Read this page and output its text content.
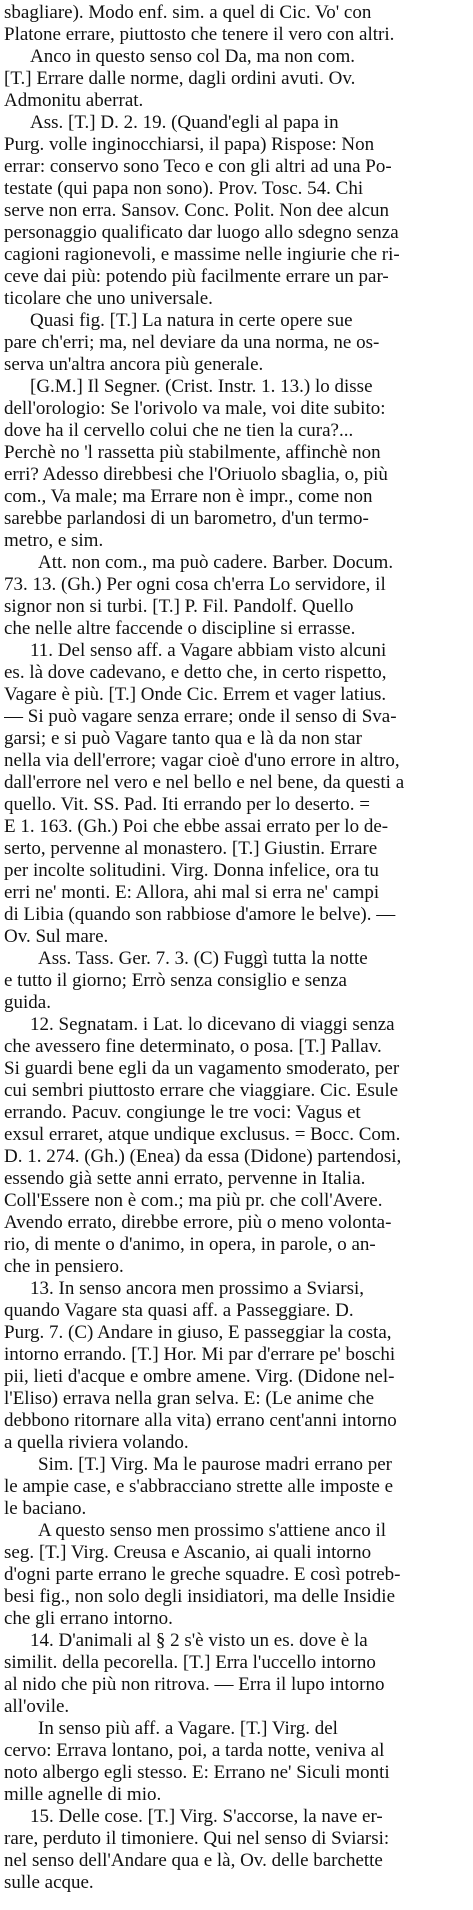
sbagliare). Modo enf. sim. a quel di Cic. Vo' con
Platone errare, piuttosto che tenere il vero con altri.
Anco in questo senso col Da, ma non com.
[T.] Errare dalle norme, dagli ordini avuti. Ov.
Admonitu aberrat.
Ass. [T.] D. 2. 19. (Quand'egli al papa in
Purg. volle inginocchiarsi, il papa) Rispose: Non
errar: conservo sono Teco e con gli altri ad una Po-
testate (qui papa non sono). Prov. Tosc. 54. Chi
serve non erra. Sansov. Conc. Polit. Non dee alcun
personaggio qualificato dar luogo allo sdegno senza
cagioni ragionevoli, e massime nelle ingiurie che ri-
ceve dai più: potendo più facilmente errare un par-
ticolare che uno universale.
Quasi fig. [T.] La natura in certe opere sue
pare ch'erri; ma, nel deviare da una norma, ne os-
serva un'altra ancora più generale.
[G.M.] Il Segner. (Crist. Instr. 1. 13.) lo disse
dell'orologio: Se l'orivolo va male, voi dite subito:
dove ha il cervello colui che ne tien la cura?...
Perchè no 'l rassetta più stabilmente, affinchè non
erri? Adesso direbbesi che l'Oriuolo sbaglia, o, più
com., Va male; ma Errare non è impr., come non
sarebbe parlandosi di un barometro, d'un termo-
metro, e sim.
Att. non com., ma può cadere. Barber. Docum.
73. 13. (Gh.) Per ogni cosa ch'erra Lo servidore, il
signor non si turbi. [T.] P. Fil. Pandolf. Quello
che nelle altre faccende o discipline si errasse.
11. Del senso aff. a Vagare abbiam visto alcuni
es. là dove cadevano, e detto che, in certo rispetto,
Vagare è più. [T.] Onde Cic. Errem et vager latius.
— Si può vagare senza errare; onde il senso di Sva-
garsi; e si può Vagare tanto qua e là da non star
nella via dell'errore; vagar cioè d'uno errore in altro,
dall'errore nel vero e nel bello e nel bene, da questi a
quello. Vit. SS. Pad. Iti errando per lo deserto. =
E 1. 163. (Gh.) Poi che ebbe assai errato per lo de-
serto, pervenne al monastero. [T.] Giustin. Errare
per incolte solitudini. Virg. Donna infelice, ora tu
erri ne' monti. E: Allora, ahi mal si erra ne' campi
di Libia (quando son rabbiose d'amore le belve). —
Ov. Sul mare.
Ass. Tass. Ger. 7. 3. (C) Fuggì tutta la notte
e tutto il giorno; Errò senza consiglio e senza
guida.
12. Segnatam. i Lat. lo dicevano di viaggi senza
che avessero fine determinato, o posa. [T.] Pallav.
Si guardi bene egli da un vagamento smoderato, per
cui sembri piuttosto errare che viaggiare. Cic. Esule
errando. Pacuv. congiunge le tre voci: Vagus et
exsul erraret, atque undique exclusus. = Bocc. Com.
D. 1. 274. (Gh.) (Enea) da essa (Didone) partendosi,
essendo già sette anni errato, pervenne in Italia.
Coll'Essere non è com.; ma più pr. che coll'Avere.
Avendo errato, direbbe errore, più o meno volonta-
rio, di mente o d'animo, in opera, in parole, o an-
che in pensiero.
13. In senso ancora men prossimo a Sviarsi,
quando Vagare sta quasi aff. a Passeggiare. D.
Purg. 7. (C) Andare in giuso, E passeggiar la costa,
intorno errando. [T.] Hor. Mi par d'errare pe' boschi
pii, lieti d'acque e ombre amene. Virg. (Didone nel-
l'Eliso) errava nella gran selva. E: (Le anime che
debbono ritornare alla vita) errano cent'anni intorno
a quella riviera volando.
Sim. [T.] Virg. Ma le paurose madri errano per
le ampie case, e s'abbracciano strette alle imposte e
le baciano.
A questo senso men prossimo s'attiene anco il
seg. [T.] Virg. Creusa e Ascanio, ai quali intorno
d'ogni parte errano le greche squadre. E così potreb-
besi fig., non solo degli insidiatori, ma delle Insidie
che gli errano intorno.
14. D'animali al § 2 s'è visto un es. dove è la
similit. della pecorella. [T.] Erra l'uccello intorno
al nido che più non ritrova. — Erra il lupo intorno
all'ovile.
In senso più aff. a Vagare. [T.] Virg. del
cervo: Errava lontano, poi, a tarda notte, veniva al
noto albergo egli stesso. E: Errano ne' Siculi monti
mille agnelle di mio.
15. Delle cose. [T.] Virg. S'accorse, la nave er-
rare, perduto il timoniere. Qui nel senso di Sviarsi:
nel senso dell'Andare qua e là, Ov. delle barchette
sulle acque.
